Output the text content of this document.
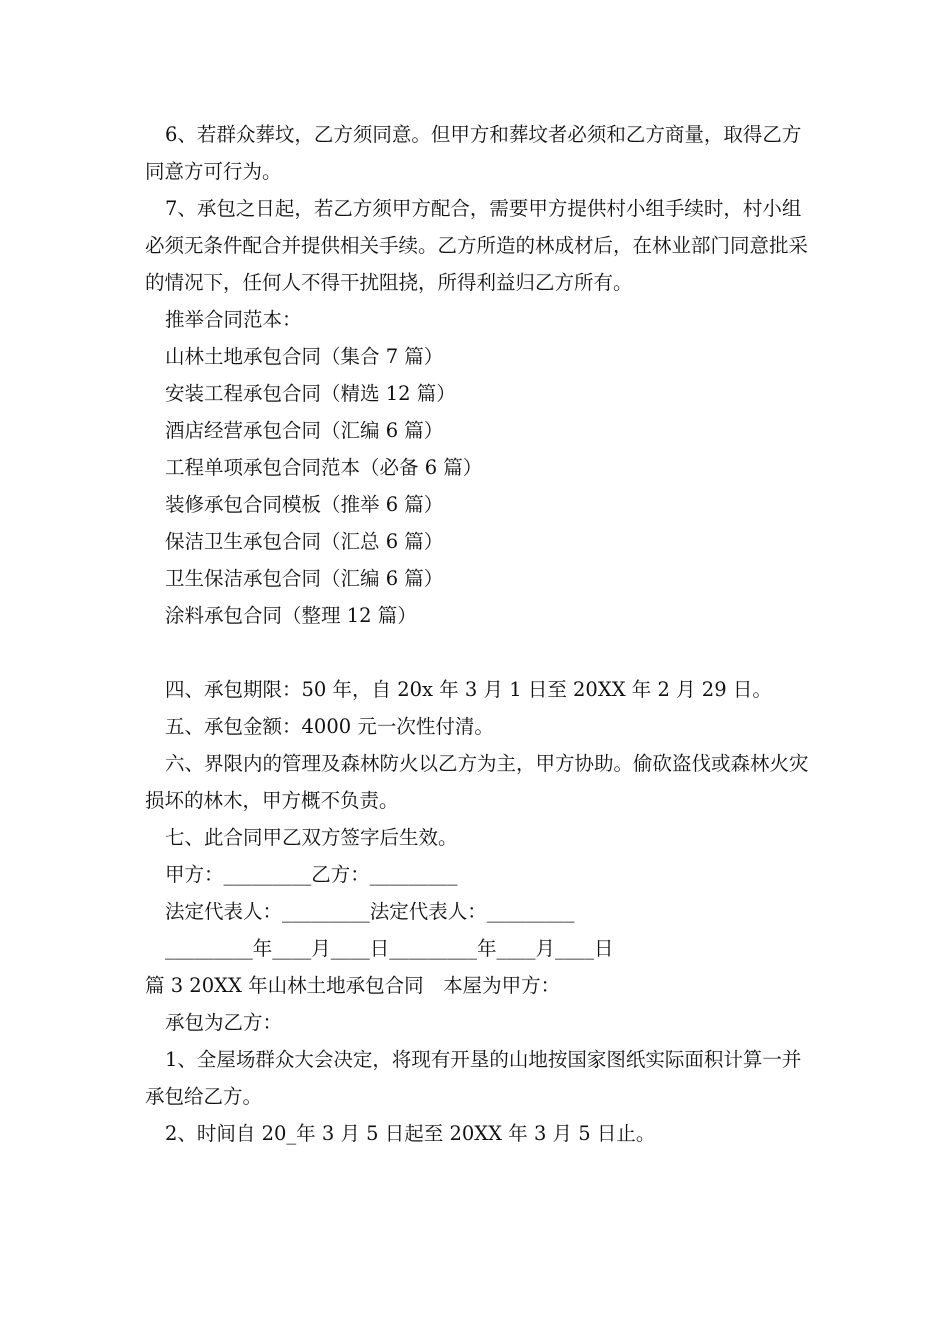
6、若群众葬坟，乙方须同意。但甲方和葬坟者必须和乙方商量，取得乙方同意方可行为。

7、承包之日起，若乙方须甲方配合，需要甲方提供村小组手续时，村小组必须无条件配合并提供相关手续。乙方所造的林成材后，在林业部门同意批采的情况下，任何人不得干扰阻挠，所得利益归乙方所有。

推举合同范本：

山林土地承包合同（集合 7 篇）

安装工程承包合同（精选 12 篇）

酒店经营承包合同（汇编 6 篇）

工程单项承包合同范本（必备 6 篇）

装修承包合同模板（推举 6 篇）

保洁卫生承包合同（汇总 6 篇）

卫生保洁承包合同（汇编 6 篇）

涂料承包合同（整理 12 篇）

四、承包期限：50 年，自 20x 年 3 月 1 日至 20XX 年 2 月 29 日。

五、承包金额：4000 元一次性付清。

六、界限内的管理及森林防火以乙方为主，甲方协助。偷砍盗伐或森林火灾损坏的林木，甲方概不负责。

七、此合同甲乙双方签字后生效。

甲方：_________乙方：_________

法定代表人：_________法定代表人：_________

_________年____月____日_________年____月____日

篇 3 20XX 年山林土地承包合同　本屋为甲方：

承包为乙方：

1、全屋场群众大会决定，将现有开垦的山地按国家图纸实际面积计算一并承包给乙方。

2、时间自 20_年 3 月 5 日起至 20XX 年 3 月 5 日止。
